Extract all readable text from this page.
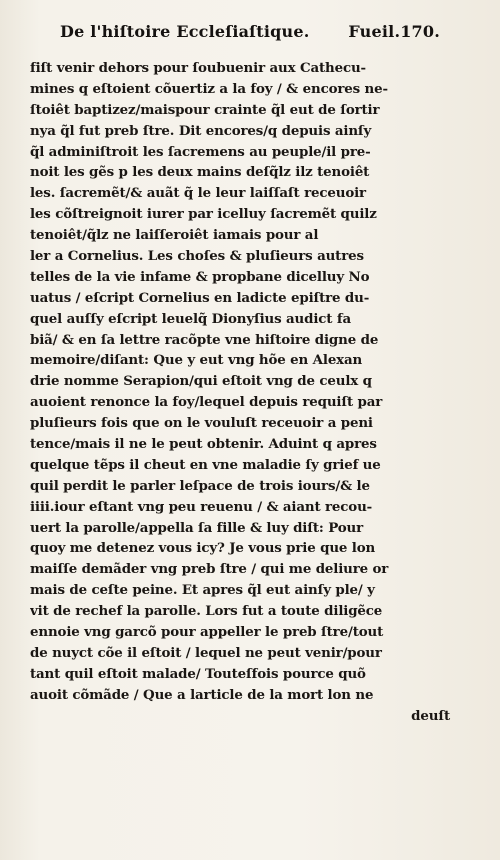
De l'hiſtoire Eccleſiaſtique. Fueil.170.
fiſt venir dehors pour ſoubuenir aux Cathecu-
mines q eſtoient cõuertiz a la foy / & encores ne-
ſtoiêt baptizez/maispour crainte q̃l eut de ſortir
nya q̃l fut preb ſtre. Dit encores/q depuis ainſy
q̃l adminiſtroit les ſacremens au peuple/il pre-
noit les gẽs p les deux mains deſq̃lz ilz tenoiêt
les. ſacremẽt/& auãt q̃ le leur laiſſaſt receuoir
les cõſtreignoit iurer par icelluy ſacremẽt quilz
tenoiêt/q̃lz ne laiſſeroiêt iamais pour al
ler a Cornelius. Les choſes & pluſieurs autres
telles de la vie infame & propbane dicelluy No
uatus / eſcript Cornelius en ladicte epiſtre du-
quel auſſy eſcript leuelq̃ Dionyſius audict fa
biã/ & en ſa lettre racõpte vne hiſtoire digne de
memoire/diſant: Que y eut vng hõe en Alexan
drie nomme Serapion/qui eſtoit vng de ceulx q
auoient renonce la foy/lequel depuis requiſt par
pluſieurs fois que on le vouluſt receuoir a peni
tence/mais il ne le peut obtenir. Aduint q apres
quelque tẽps il cheut en vne maladie ſy grief ue
quil perdit le parler leſpace de trois iours/& le
iiii.iour eſtant vng peu reuenu / & aiant recou-
uert la parolle/appella ſa fille & luy diſt: Pour
quoy me detenez vous icy? Je vous prie que lon
maiſſe demãder vng preb ſtre / qui me deliure or
mais de ceſte peine. Et apres q̃l eut ainſy ple/ y
vit de rechef la parolle. Lors fut a toute diligẽce
ennoie vng garcõ pour appeller le preb ſtre/tout
de nuyct cõe il eſtoit / lequel ne peut venir/pour
tant quil eſtoit malade/ Touteſfois pource quõ
auoit cõmãde / Que a larticle de la mort lon ne
deuſt
